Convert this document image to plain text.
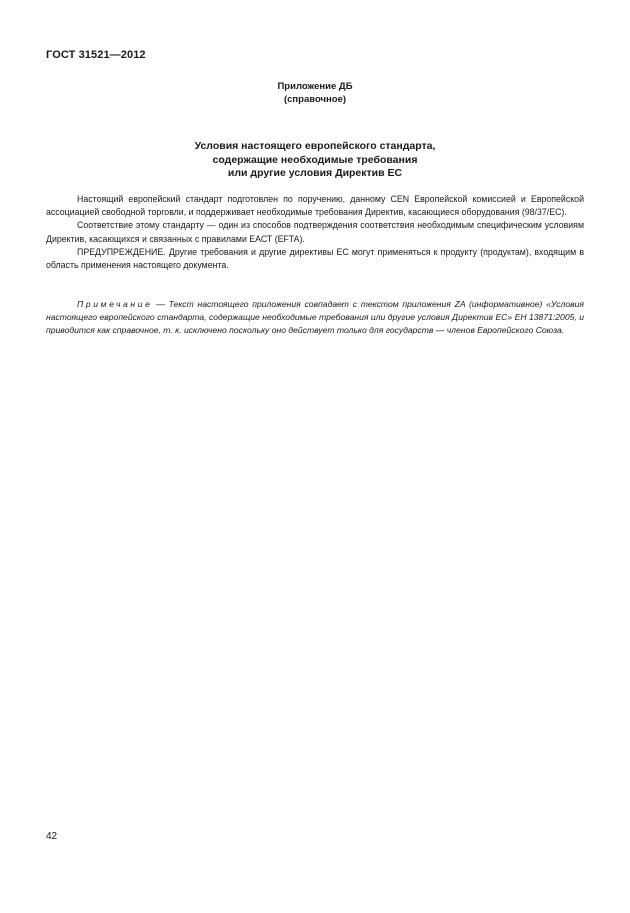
ГОСТ 31521—2012
Приложение ДБ
(справочное)
Условия настоящего европейского стандарта,
содержащие необходимые требования
или другие условия Директив ЕС

Настоящий европейский стандарт подготовлен по поручению, данному CEN Европейской комиссией и Европейской ассоциацией свободной торговли, и поддерживает необходимые требования Директив, касающиеся оборудования (98/37/ЕС).

Соответствие этому стандарту — один из способов подтверждения соответствия необходимым специфическим условиям Директив, касающихся и связанных с правилами ЕАСТ (EFTA).

ПРЕДУПРЕЖДЕНИЕ. Другие требования и другие директивы ЕС могут применяться к продукту (продуктам), входящим в область применения настоящего документа.

Примечание — Текст настоящего приложения совпадает с текстом приложения ZA (информативное) «Условия настоящего европейского стандарта, содержащие необходимые требования или другие условия Директив ЕС» ЕН 13871:2005, и приводится как справочное, т. к. исключено поскольку оно действует только для государств — членов Европейского Союза.
42
